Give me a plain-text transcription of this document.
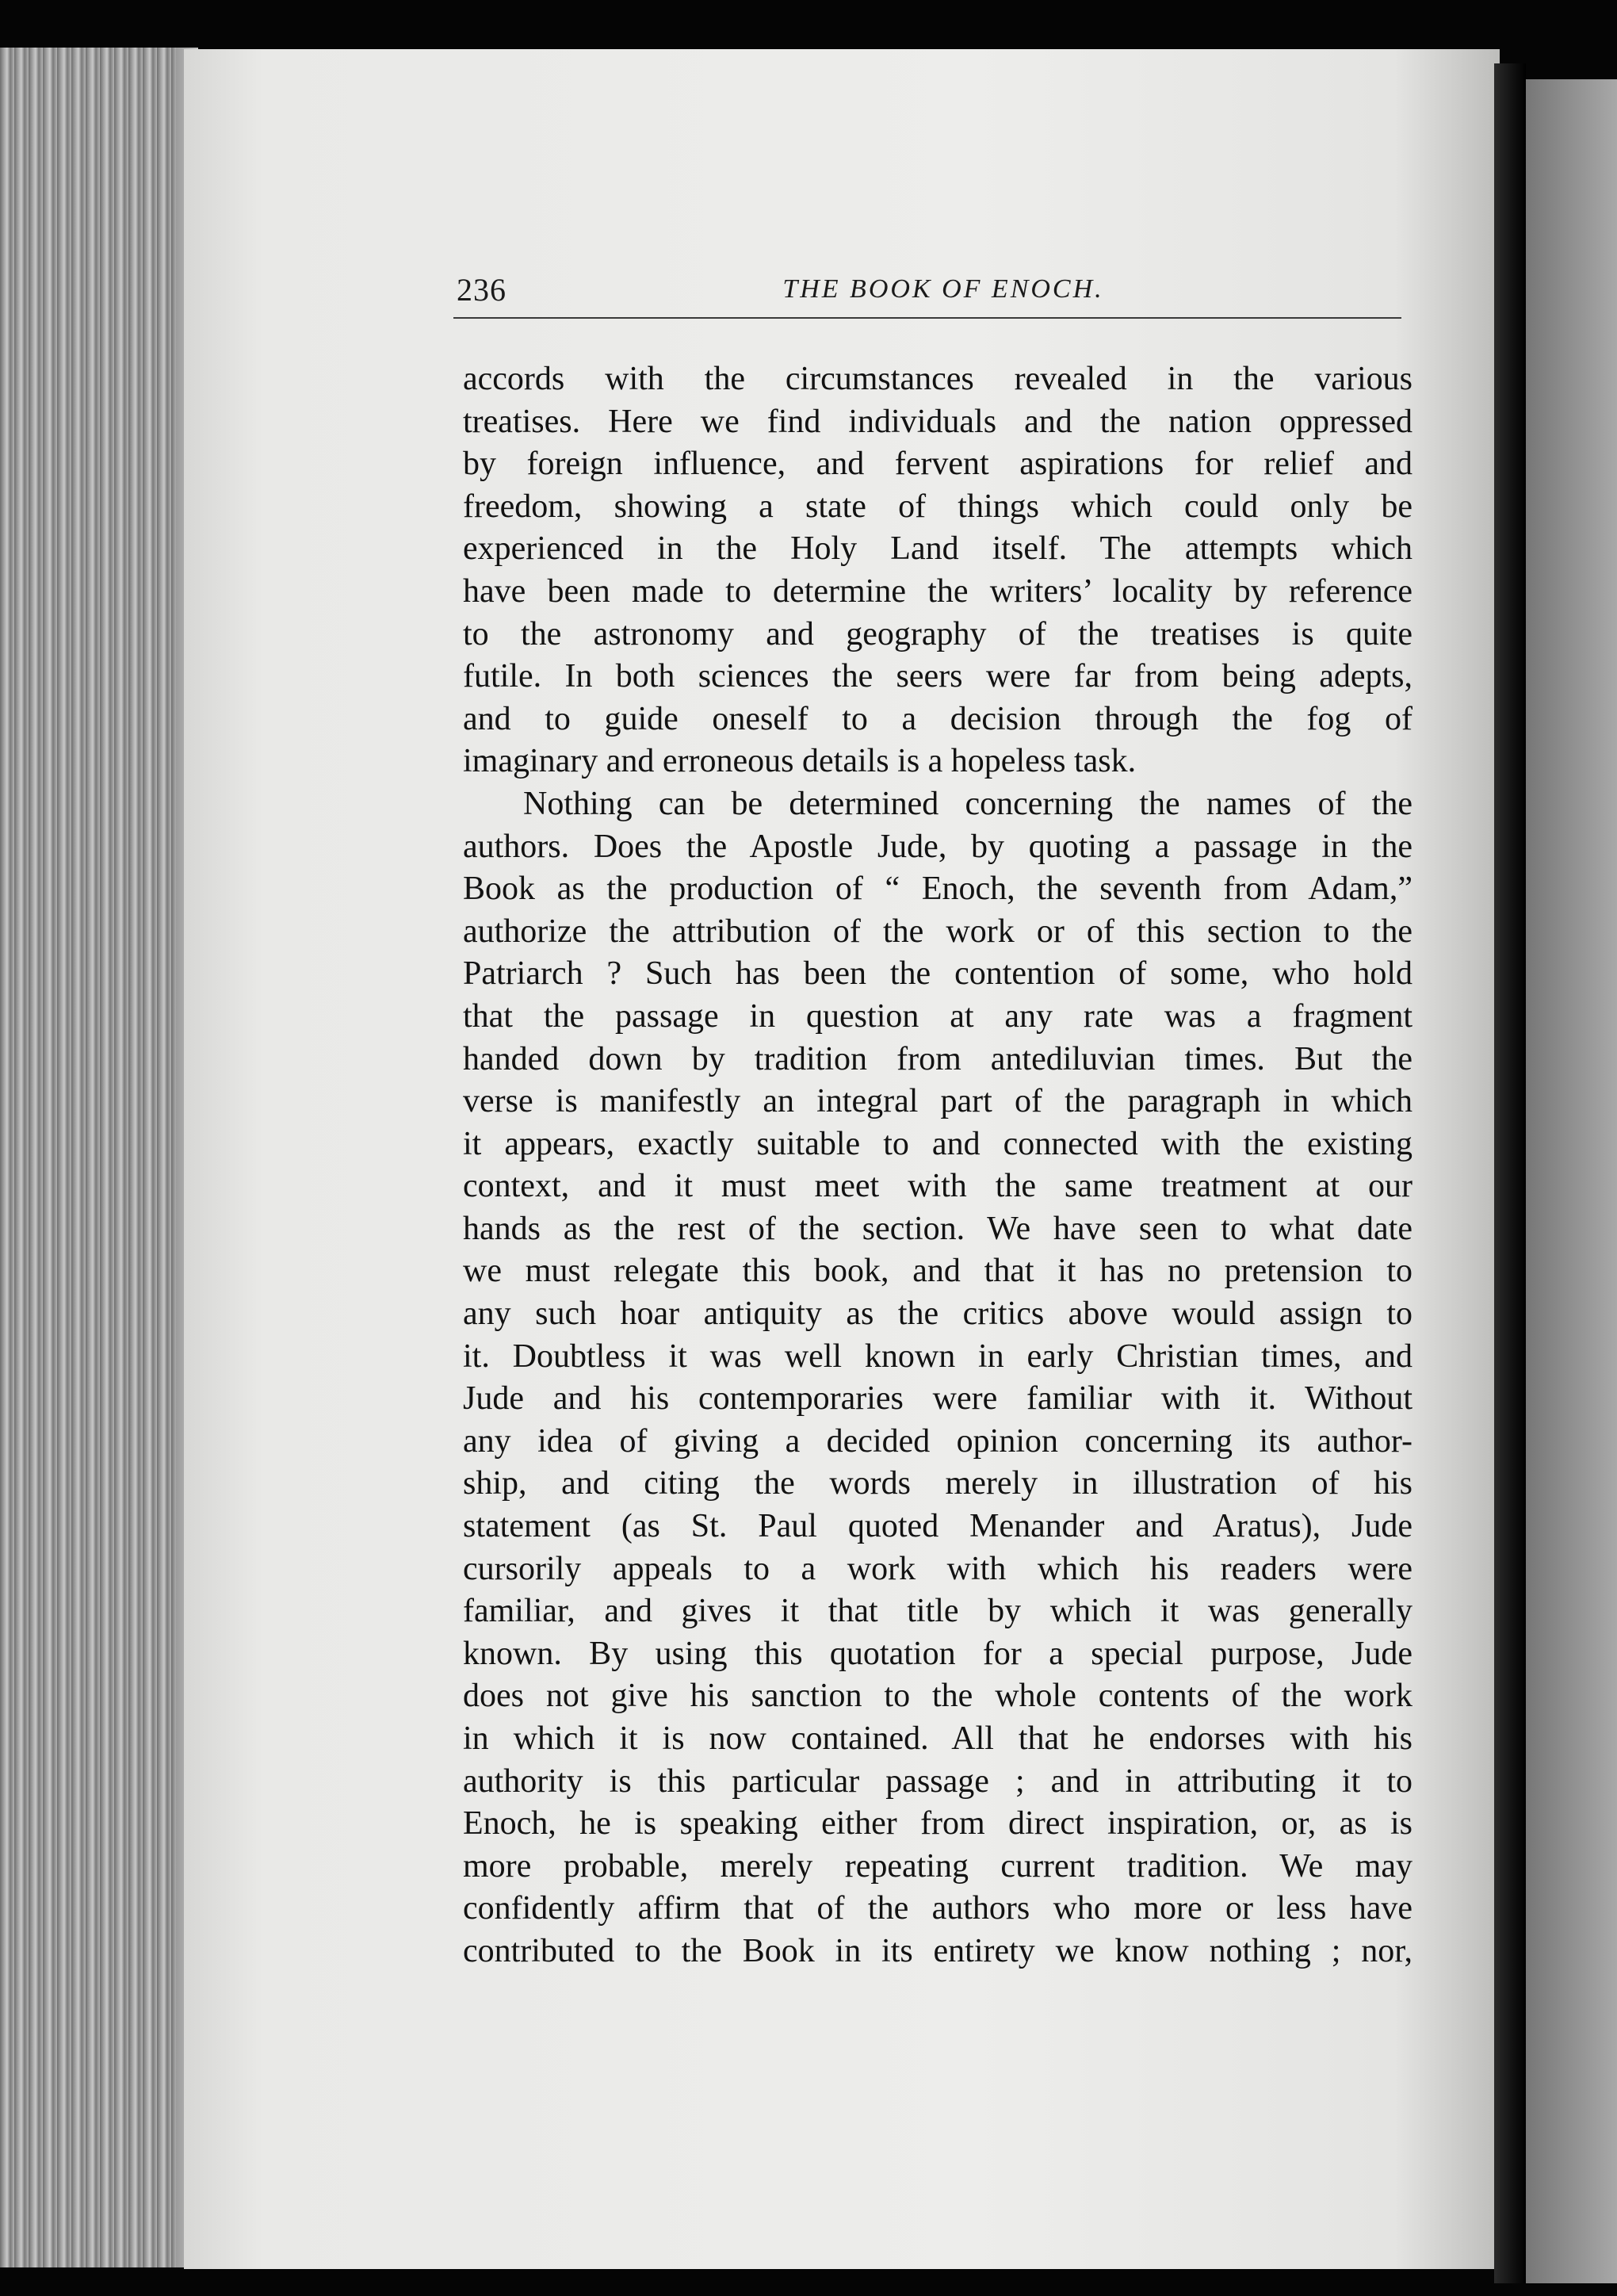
236	THE BOOK OF ENOCH.
accords with the circumstances revealed in the various
treatises. Here we find individuals and the nation oppressed
by foreign influence, and fervent aspirations for relief and
freedom, showing a state of things which could only be
experienced in the Holy Land itself. The attempts which
have been made to determine the writers’ locality by reference
to the astronomy and geography of the treatises is quite
futile. In both sciences the seers were far from being adepts,
and to guide oneself to a decision through the fog of
imaginary and erroneous details is a hopeless task.
Nothing can be determined concerning the names of the
authors. Does the Apostle Jude, by quoting a passage in the
Book as the production of “ Enoch, the seventh from Adam,”
authorize the attribution of the work or of this section to the
Patriarch ? Such has been the contention of some, who hold
that the passage in question at any rate was a fragment
handed down by tradition from antediluvian times. But the
verse is manifestly an integral part of the paragraph in which
it appears, exactly suitable to and connected with the existing
context, and it must meet with the same treatment at our
hands as the rest of the section. We have seen to what date
we must relegate this book, and that it has no pretension to
any such hoar antiquity as the critics above would assign to
it. Doubtless it was well known in early Christian times, and
Jude and his contemporaries were familiar with it. Without
any idea of giving a decided opinion concerning its author-
ship, and citing the words merely in illustration of his
statement (as St. Paul quoted Menander and Aratus), Jude
cursorily appeals to a work with which his readers were
familiar, and gives it that title by which it was generally
known. By using this quotation for a special purpose, Jude
does not give his sanction to the whole contents of the work
in which it is now contained. All that he endorses with his
authority is this particular passage ; and in attributing it to
Enoch, he is speaking either from direct inspiration, or, as is
more probable, merely repeating current tradition. We may
confidently affirm that of the authors who more or less have
contributed to the Book in its entirety we know nothing ; nor,
